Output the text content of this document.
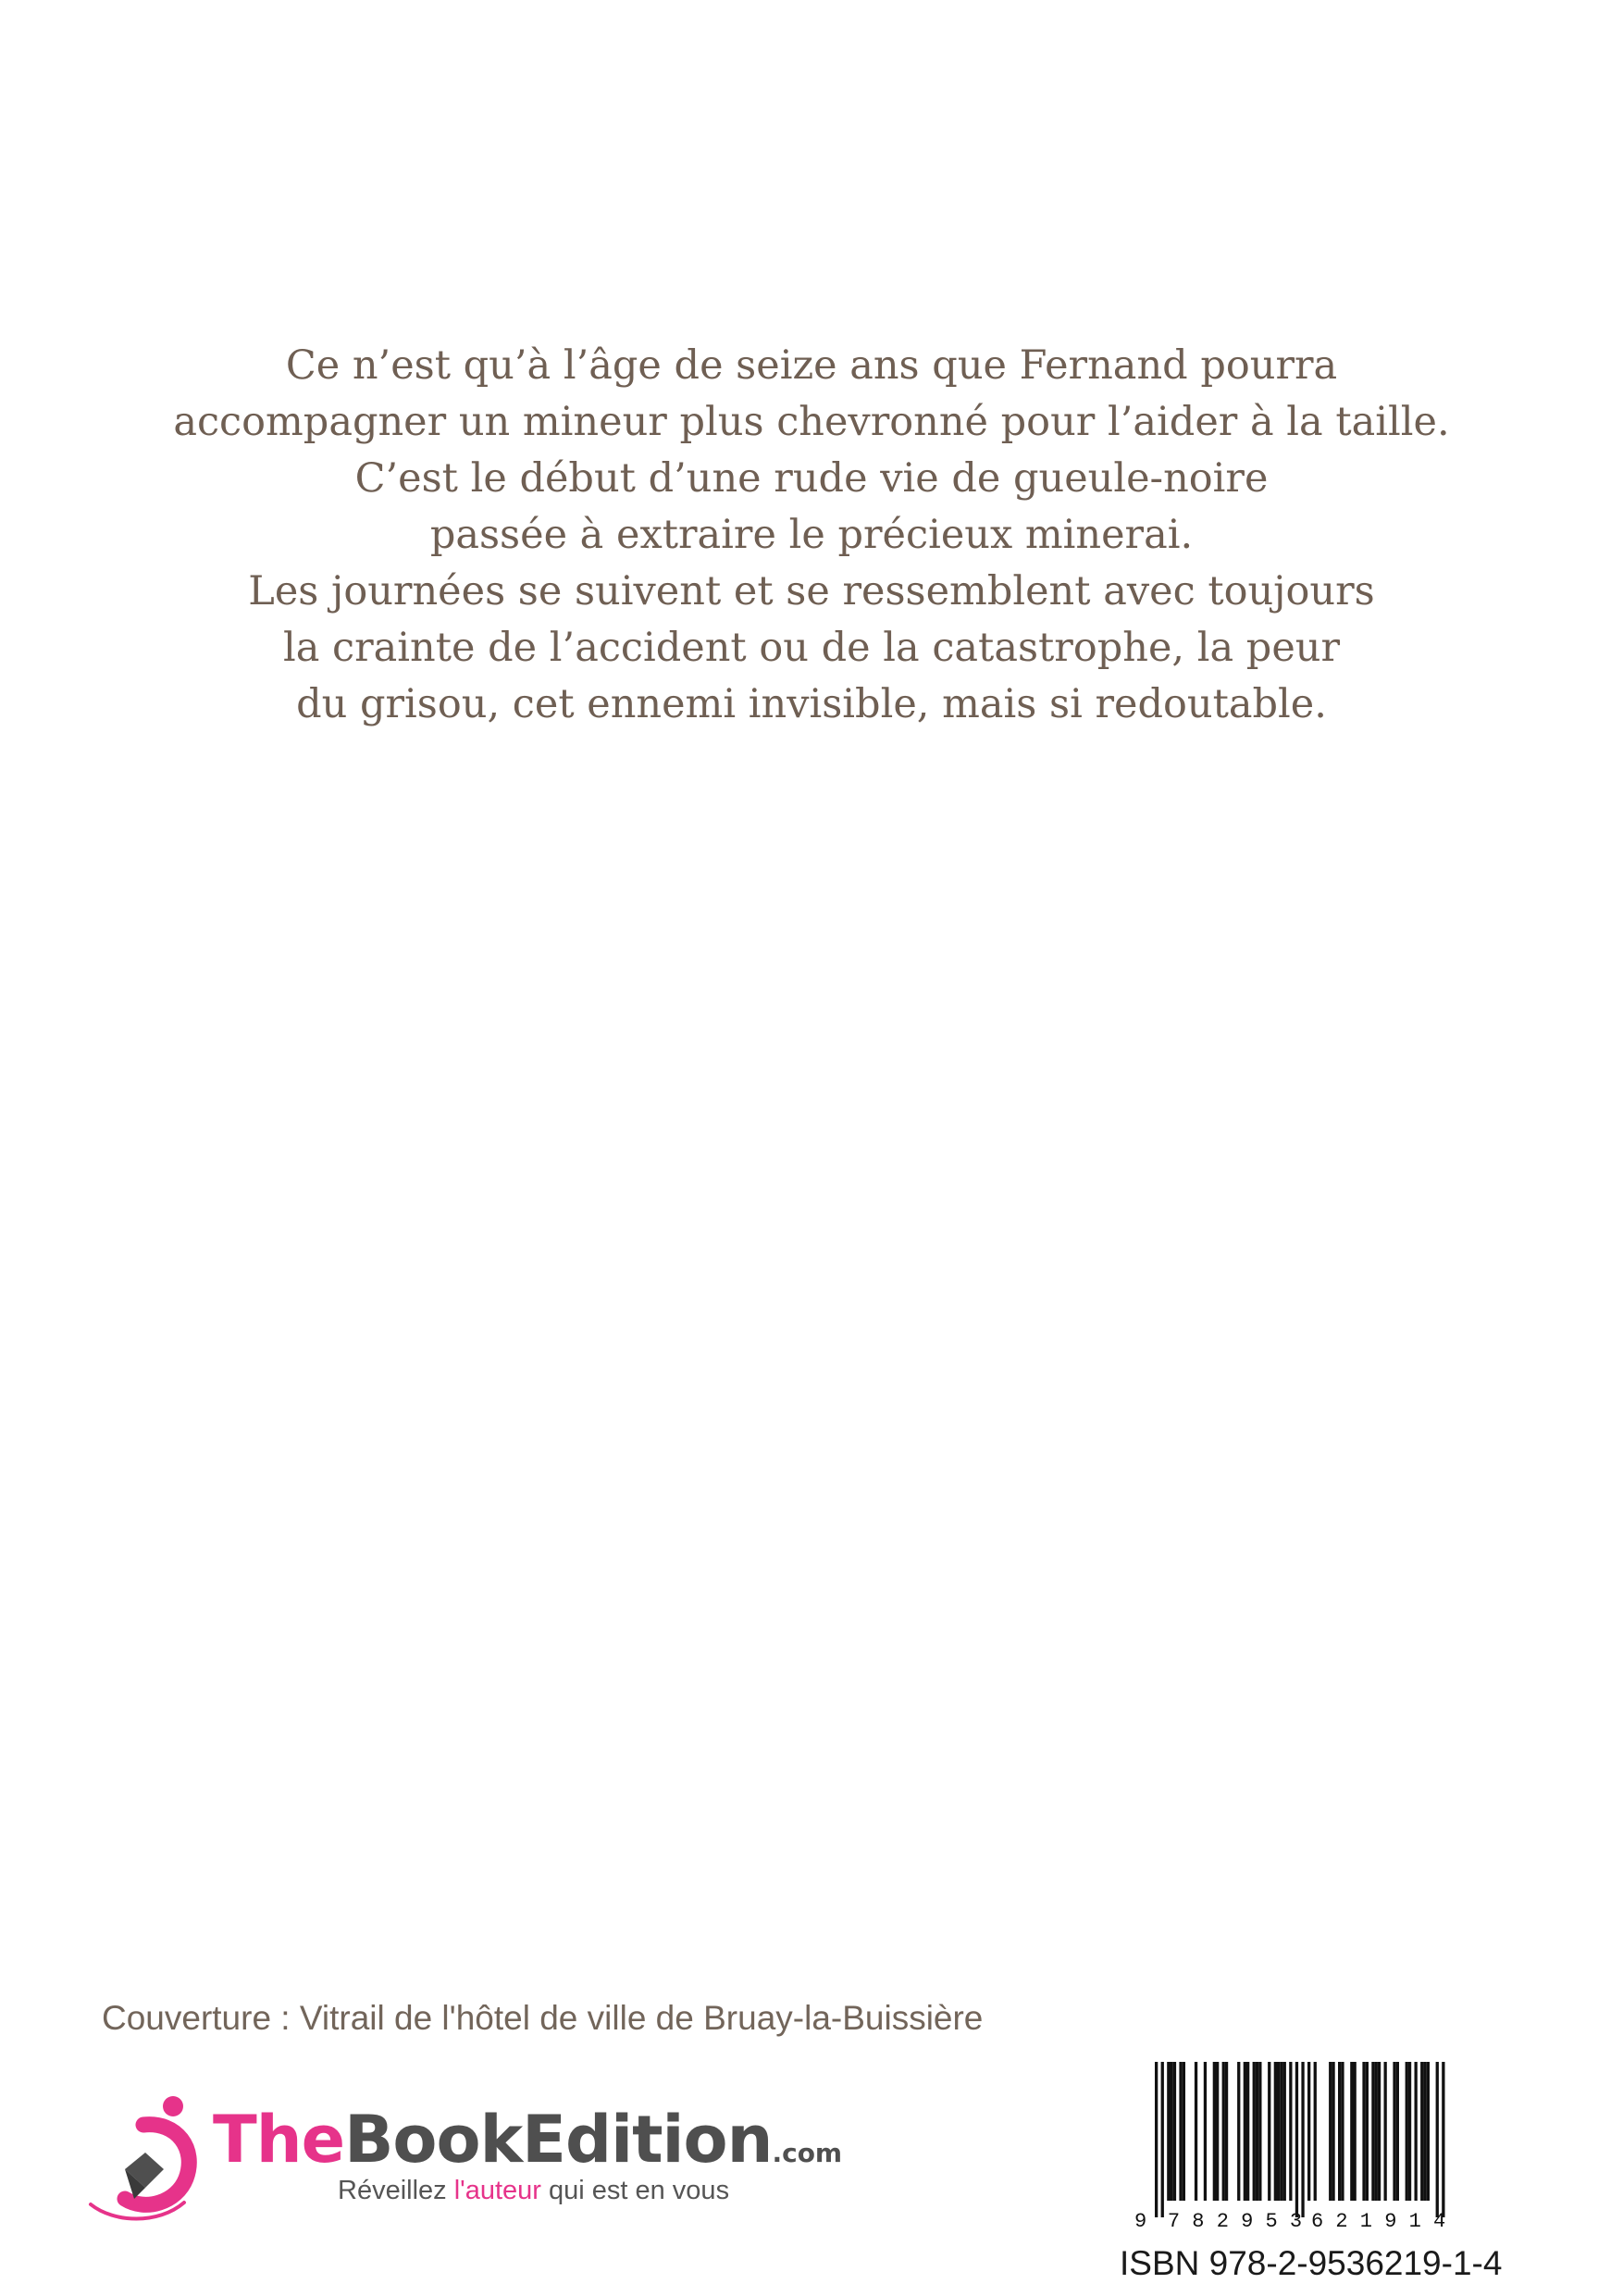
Ce n’est qu’à l’âge de seize ans que Fernand pourra
accompagner un mineur plus chevronné pour l’aider à la taille.
C’est le début d’une rude vie de gueule-noire
passée à extraire le précieux minerai.
Les journées se suivent et se ressemblent avec toujours
la crainte de l’accident ou de la catastrophe, la peur
du grisou, cet ennemi invisible, mais si redoutable.
Couverture : Vitrail de l'hôtel de ville de Bruay-la-Buissière
TheBookEdition.com
Réveillez l'auteur qui est en vous
9 7 8 2 9 5 3 6 2 1 9 1 4
ISBN 978-2-9536219-1-4
